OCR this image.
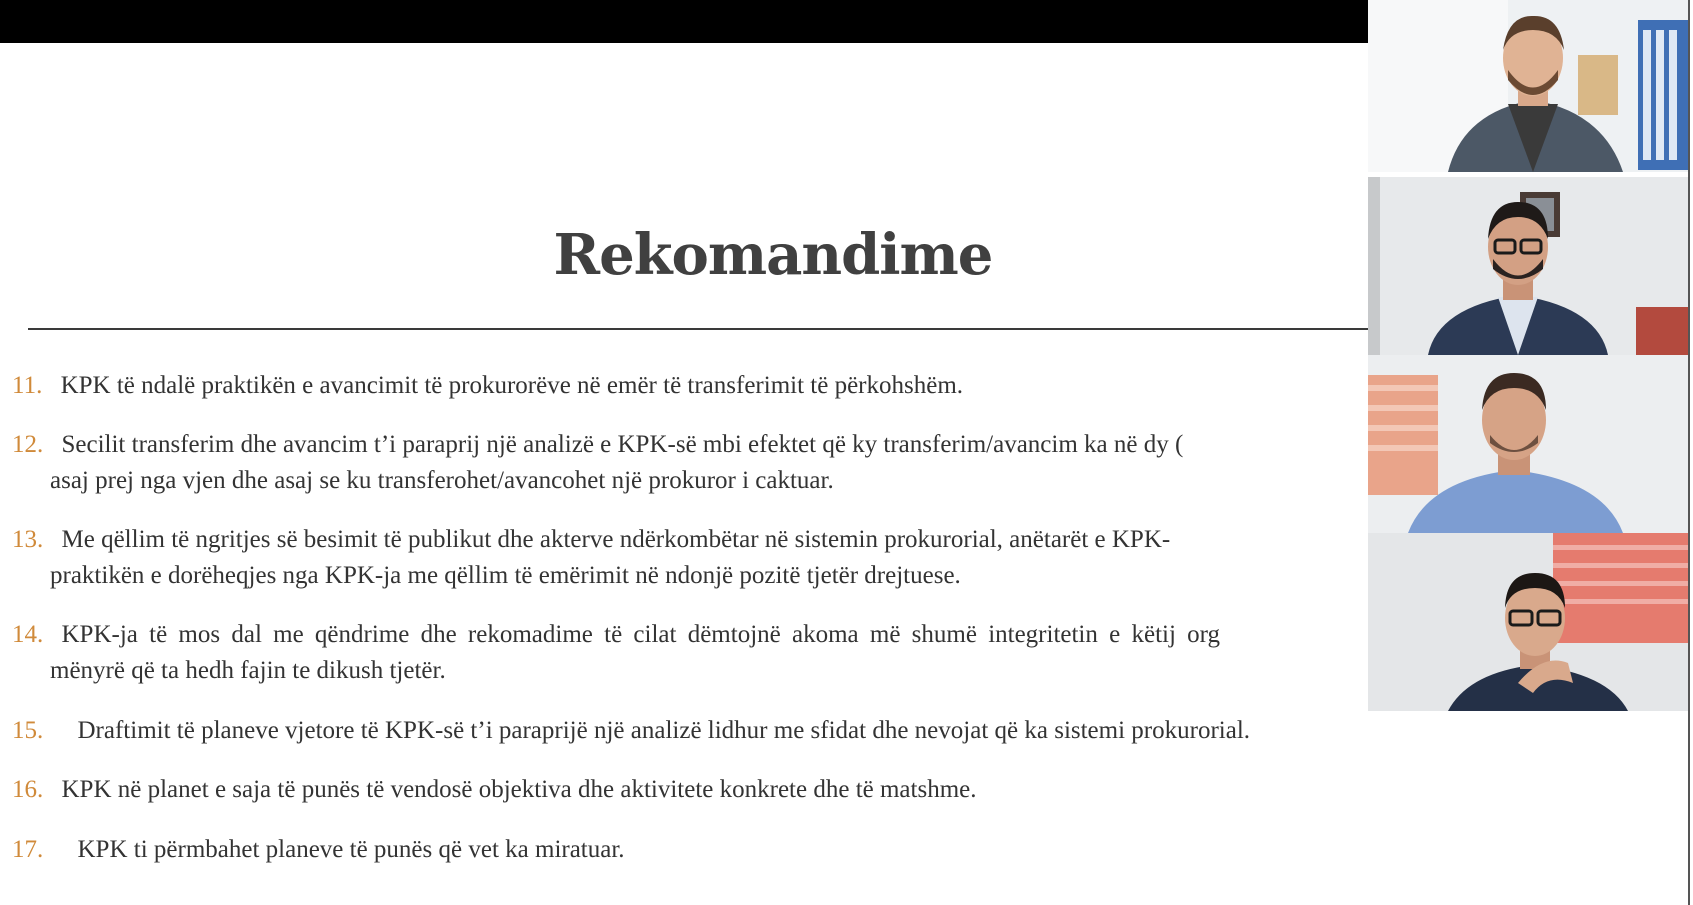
Rekomandime
11. KPK të ndalë praktikën e avancimit të prokurorëve në emër të transferimit të përkohshëm.
12. Secilit transferim dhe avancim t’i paraprij një analizë e KPK-së mbi efektet që ky transferim/avancim ka në dy (
asaj prej nga vjen dhe asaj se ku transferohet/avancohet një prokuror i caktuar.
13. Me qëllim të ngritjes së besimit të publikut dhe akterve ndërkombëtar në sistemin prokurorial, anëtarët e KPK-
praktikën e dorëheqjes nga KPK-ja me qëllim të emërimit në ndonjë pozitë tjetër drejtuese.
14. KPK-ja të mos dal me qëndrime dhe rekomadime të cilat dëmtojnë akoma më shumë integritetin e këtij org
mënyrë që ta hedh fajin te dikush tjetër.
15. Draftimit të planeve vjetore të KPK-së t’i paraprijë një analizë lidhur me sfidat dhe nevojat që ka sistemi prokurorial.
16. KPK në planet e saja të punës të vendosë objektiva dhe aktivitete konkrete dhe të matshme.
17. KPK ti përmbahet planeve të punës që vet ka miratuar.
